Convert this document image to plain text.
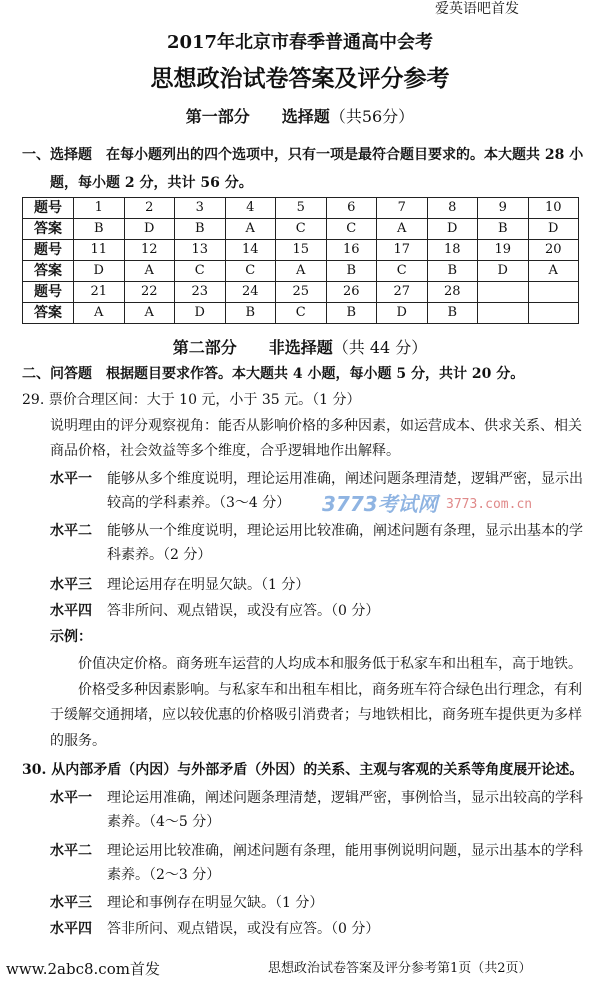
爱英语吧首发
2017年北京市春季普通高中会考
思想政治试卷答案及评分参考
第一部分　　选择题（共56分）
一、选择题　在每小题列出的四个选项中，只有一项是最符合题目要求的。本大题共 28 小
题，每小题 2 分，共计 56 分。
题号	1	2	3	4	5	6	7	8	9	10
答案	B	D	B	A	C	C	A	D	B	D
题号	11	12	13	14	15	16	17	18	19	20
答案	D	A	C	C	A	B	C	B	D	A
题号	21	22	23	24	25	26	27	28		
答案	A	A	D	B	C	B	D	B		
3773考试网 3773.com.cn
第二部分　　非选择题（共 44 分）
二、问答题　根据题目要求作答。本大题共 4 小题，每小题 5 分，共计 20 分。
29. 票价合理区间：大于 10 元，小于 35 元。（1 分）
说明理由的评分观察视角：能否从影响价格的多种因素，如运营成本、供求关系、相关
商品价格，社会效益等多个维度，合乎逻辑地作出解释。
水平一 能够从多个维度说明，理论运用准确，阐述问题条理清楚，逻辑严密，显示出
较高的学科素养。（3～4 分）
水平二 能够从一个维度说明，理论运用比较准确，阐述问题有条理，显示出基本的学
科素养。（2 分）
水平三 理论运用存在明显欠缺。（1 分）
水平四 答非所问、观点错误，或没有应答。（0 分）
示例：
价值决定价格。商务班车运营的人均成本和服务低于私家车和出租车，高于地铁。
价格受多种因素影响。与私家车和出租车相比，商务班车符合绿色出行理念，有利
于缓解交通拥堵，应以较优惠的价格吸引消费者；与地铁相比，商务班车提供更为多样
的服务。
30. 从内部矛盾（内因）与外部矛盾（外因）的关系、主观与客观的关系等角度展开论述。
水平一 理论运用准确，阐述问题条理清楚，逻辑严密，事例恰当，显示出较高的学科
素养。（4～5 分）
水平二 理论运用比较准确，阐述问题有条理，能用事例说明问题，显示出基本的学科
素养。（2～3 分）
水平三 理论和事例存在明显欠缺。（1 分）
水平四 答非所问、观点错误，或没有应答。（0 分）
www.2abc8.com首发	思想政治试卷答案及评分参考第1页（共2页）
